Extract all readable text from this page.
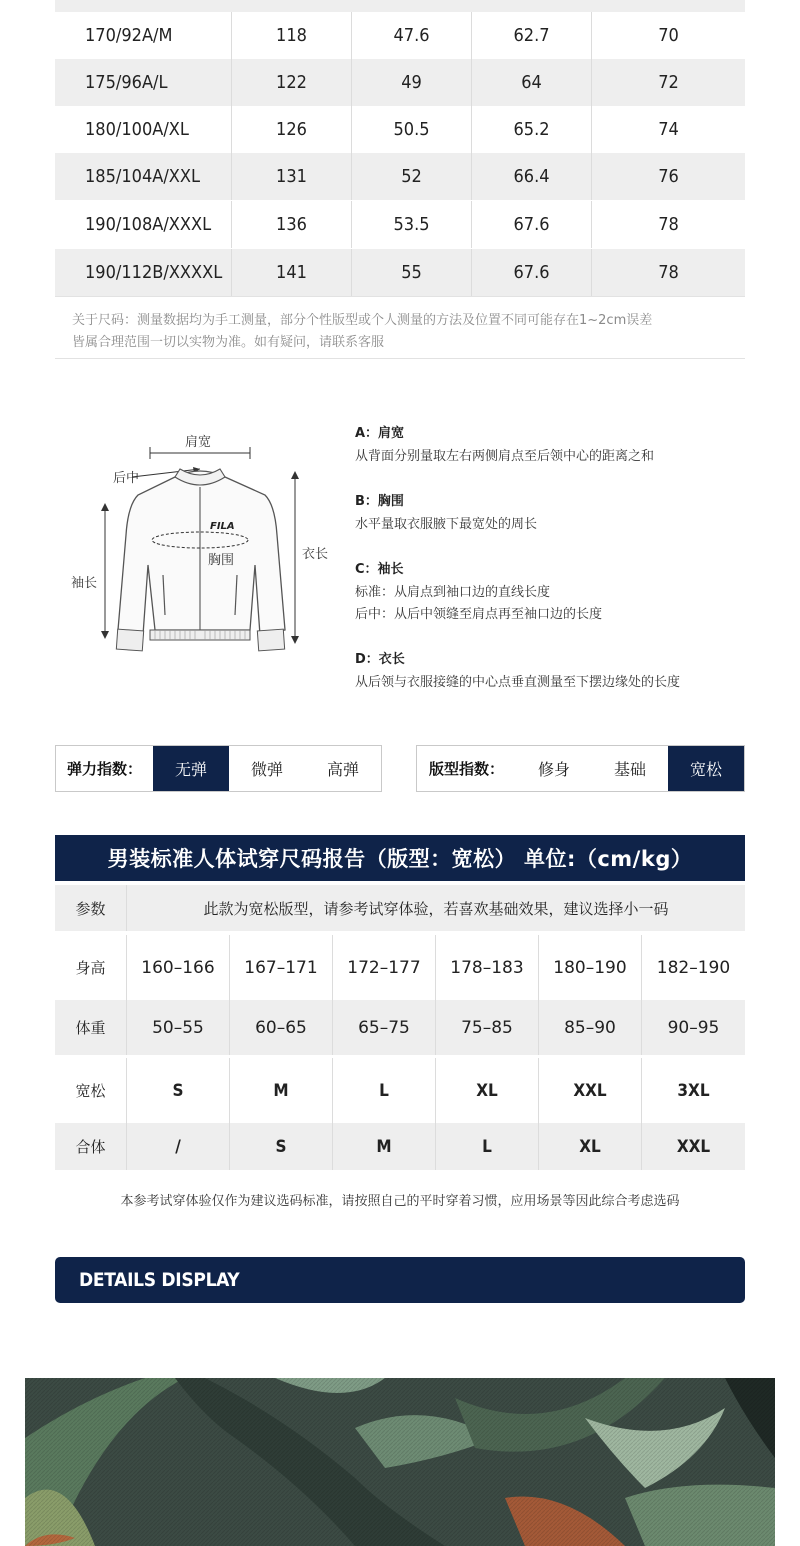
170/92A/M	118	47.6	62.7	70
175/96A/L	122	49	64	72
180/100A/XL	126	50.5	65.2	74
185/104A/XXL	131	52	66.4	76
190/108A/XXXL	136	53.5	67.6	78
190/112B/XXXXL	141	55	67.6	78
关于尺码：测量数据均为手工测量，部分个性版型或个人测量的方法及位置不同可能存在1~2cm误差
皆属合理范围一切以实物为准。如有疑问，请联系客服
肩宽
后中
FILA
胸围
袖长
衣长
A：肩宽
从背面分别量取左右两侧肩点至后领中心的距离之和
B：胸围
水平量取衣服腋下最宽处的周长
C：袖长
标准：从肩点到袖口边的直线长度
后中：从后中领缝至肩点再至袖口边的长度
D：衣长
从后领与衣服接缝的中心点垂直测量至下摆边缘处的长度
弹力指数：	无弹	微弹	高弹	版型指数：	修身	基础	宽松
男装标准人体试穿尺码报告（版型：宽松） 单位:（cm/kg）
参数	此款为宽松版型，请参考试穿体验，若喜欢基础效果，建议选择小一码
身高	160–166	167–171	172–177	178–183	180–190	182–190
体重	50–55	60–65	65–75	75–85	85–90	90–95
宽松	S	M	L	XL	XXL	3XL
合体	/	S	M	L	XL	XXL
本参考试穿体验仅作为建议选码标准，请按照自己的平时穿着习惯，应用场景等因此综合考虑选码
DETAILS DISPLAY
